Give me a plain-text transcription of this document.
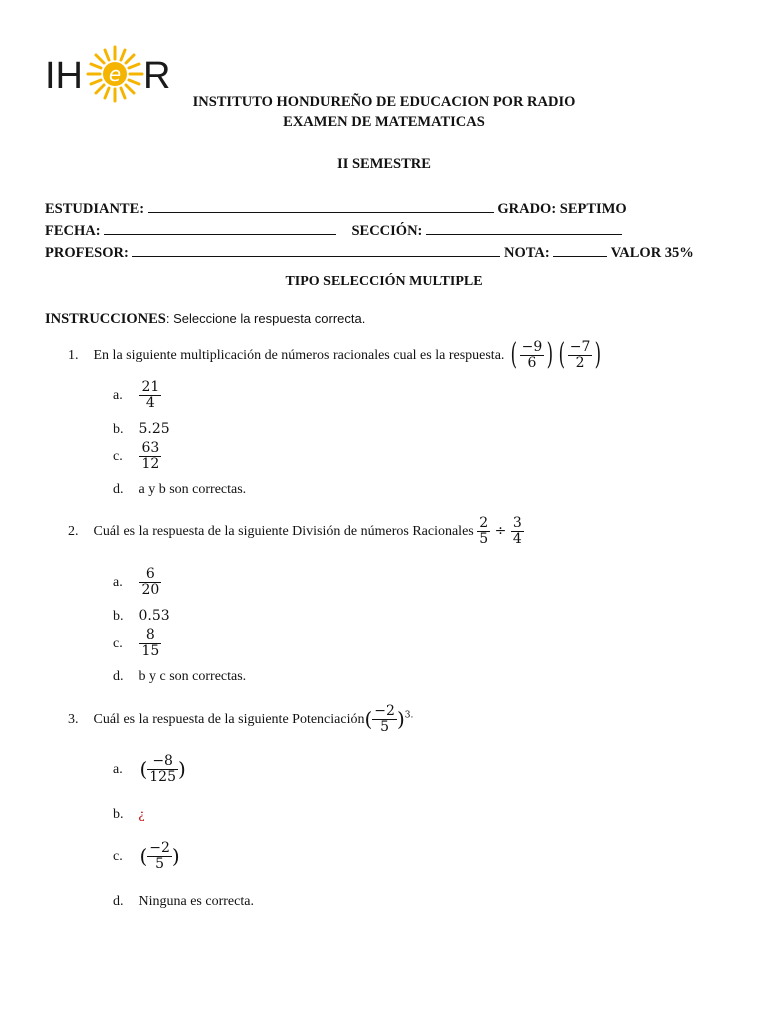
IH e R
INSTITUTO HONDUREÑO DE EDUCACION POR RADIO
EXAMEN DE MATEMATICAS
II SEMESTRE
ESTUDIANTE:	GRADO: SEPTIMO
FECHA:	SECCIÓN:
PROFESOR:	NOTA:	VALOR 35%
TIPO SELECCIÓN MULTIPLE
INSTRUCCIONES: Seleccione la respuesta correcta.
1. En la siguiente multiplicación de números racionales cual es la respuesta. ( $\frac{-9}{6}$ ) ( $\frac{-7}{2}$ )
a. $\frac{21}{4}$
b. 5.25
c. $\frac{63}{12}$
d. a y b son correctas.
2. Cuál es la respuesta de la siguiente División de números Racionales $\frac{2}{5} \div \frac{3}{4}$
a. $\frac{6}{20}$
b. 0.53
c. $\frac{8}{15}$
d. b y c son correctas.
3. Cuál es la respuesta de la siguiente Potenciación( $\frac{-2}{5} )^{3.}$
a. ( $\frac{-8}{125}$ )
b. ¿
c. ( $\frac{-2}{5}$ )
d. Ninguna es correcta.
